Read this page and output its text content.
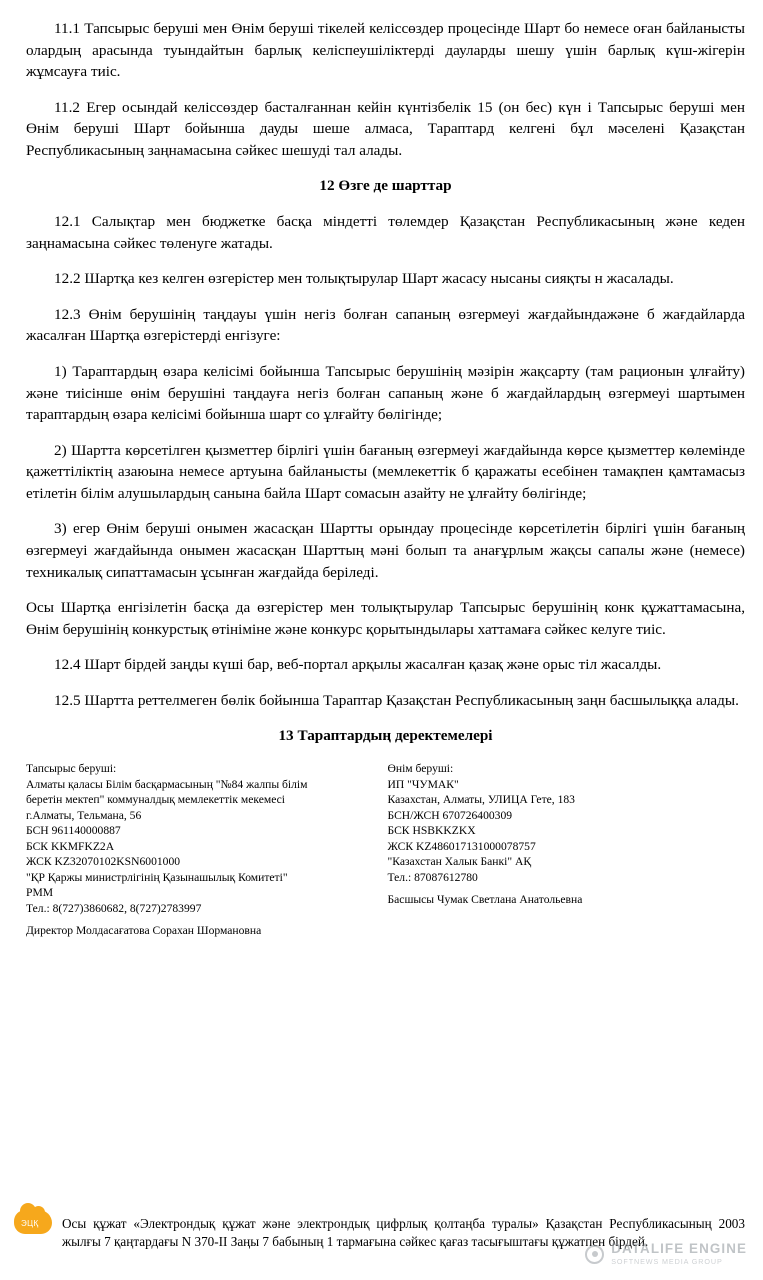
11.1 Тапсырыс беруші мен Өнім беруші тікелей келіссөздер процесінде Шарт бо немесе оған байланысты олардың арасында туындайтын барлық келіспеушіліктерді дауларды шешу үшін барлық күш-жігерін жұмсауға тиіс.

11.2 Егер осындай келіссөздер басталғаннан кейін күнтізбелік 15 (он бес) күн і Тапсырыс беруші мен Өнім беруші Шарт бойынша дауды шеше алмаса, Тараптард келгені бұл мәселені Қазақстан Республикасының заңнамасына сәйкес шешуді тал алады.

12 Өзге де шарттар

12.1 Салықтар мен бюджетке басқа міндетті төлемдер Қазақстан Республикасының және кеден заңнамасына сәйкес төленуге жатады.

12.2 Шартқа кез келген өзгерістер мен толықтырулар Шарт жасасу нысаны сияқты н жасалады.

12.3 Өнім берушінің таңдауы үшін негіз болған сапаның өзгермеуі жағдайындажәне б жағдайларда жасалған Шартқа өзгерістерді енгізуге:

1) Тараптардың өзара келісімі бойынша Тапсырыс берушінің мәзірін жақсарту (там рационын ұлғайту) және тиісінше өнім берушіні таңдауға негіз болған сапаның және б жағдайлардың өзгермеуі шартымен тараптардың өзара келісімі бойынша шарт со ұлғайту бөлігінде;

2) Шартта көрсетілген қызметтер бірлігі үшін бағаның өзгермеуі жағдайында көрсе қызметтер көлемінде қажеттіліктің азаюына немесе артуына байланысты (мемлекеттік б қаражаты есебінен тамақпен қамтамасыз етілетін білім алушылардың санына байла Шарт сомасын азайту не ұлғайту бөлігінде;

3) егер Өнім беруші онымен жасасқан Шартты орындау процесінде көрсетілетін бірлігі үшін бағаның өзгермеуі жағдайында онымен жасасқан Шарттың мәні болып та анағұрлым жақсы сапалы және (немесе) техникалық сипаттамасын ұсынған жағдайда беріледі.

Осы Шартқа енгізілетін басқа да өзгерістер мен толықтырулар Тапсырыс берушінің конк құжаттамасына, Өнім берушінің конкурстық өтініміне және конкурс қорытындылары хаттамаға сәйкес келуге тиіс.

12.4 Шарт бірдей заңды күші бар, веб-портал арқылы жасалған қазақ және орыс тіл жасалды.

12.5 Шартта реттелмеген бөлік бойынша Тараптар Қазақстан Республикасының заңн басшылыққа алады.

13 Тараптардың деректемелері
Тапсырыс беруші:
Алматы қаласы Білім басқармасының "№84 жалпы білім
беретін мектеп" коммуналдық мемлекеттік мекемесі
г.Алматы, Тельмана, 56
БСН 961140000887
БСК KKMFKZ2A
ЖСК KZ32070102KSN6001000
"ҚР Қаржы министрлігінің Қазынашылық Комитеті"
РММ
Тел.: 8(727)3860682, 8(727)2783997
Директор Молдасағатова Сорахан Шормановна
Өнім берушi:
ИП "ЧУМАК"
Казахстан, Алматы, УЛИЦА Гете, 183
БСН/ЖСН 670726400309
БСК HSBKKZKX
ЖСК KZ486017131000078757
"Казахстан Халык Банкі" АҚ
Тел.: 87087612780
Басшысы Чумак Светлана Анатольевна
ЭЦҚ	Осы құжат «Электрондық құжат және электрондық цифрлық қолтаңба туралы» Қазақстан Республикасының 2003 жылғы 7 қаңтардағы N 370-II Заңы 7 бабының 1 тармағына сәйкес қағаз тасығыштағы құжатпен бірдей.
DATALIFE ENGINE
SOFTNEWS MEDIA GROUP
